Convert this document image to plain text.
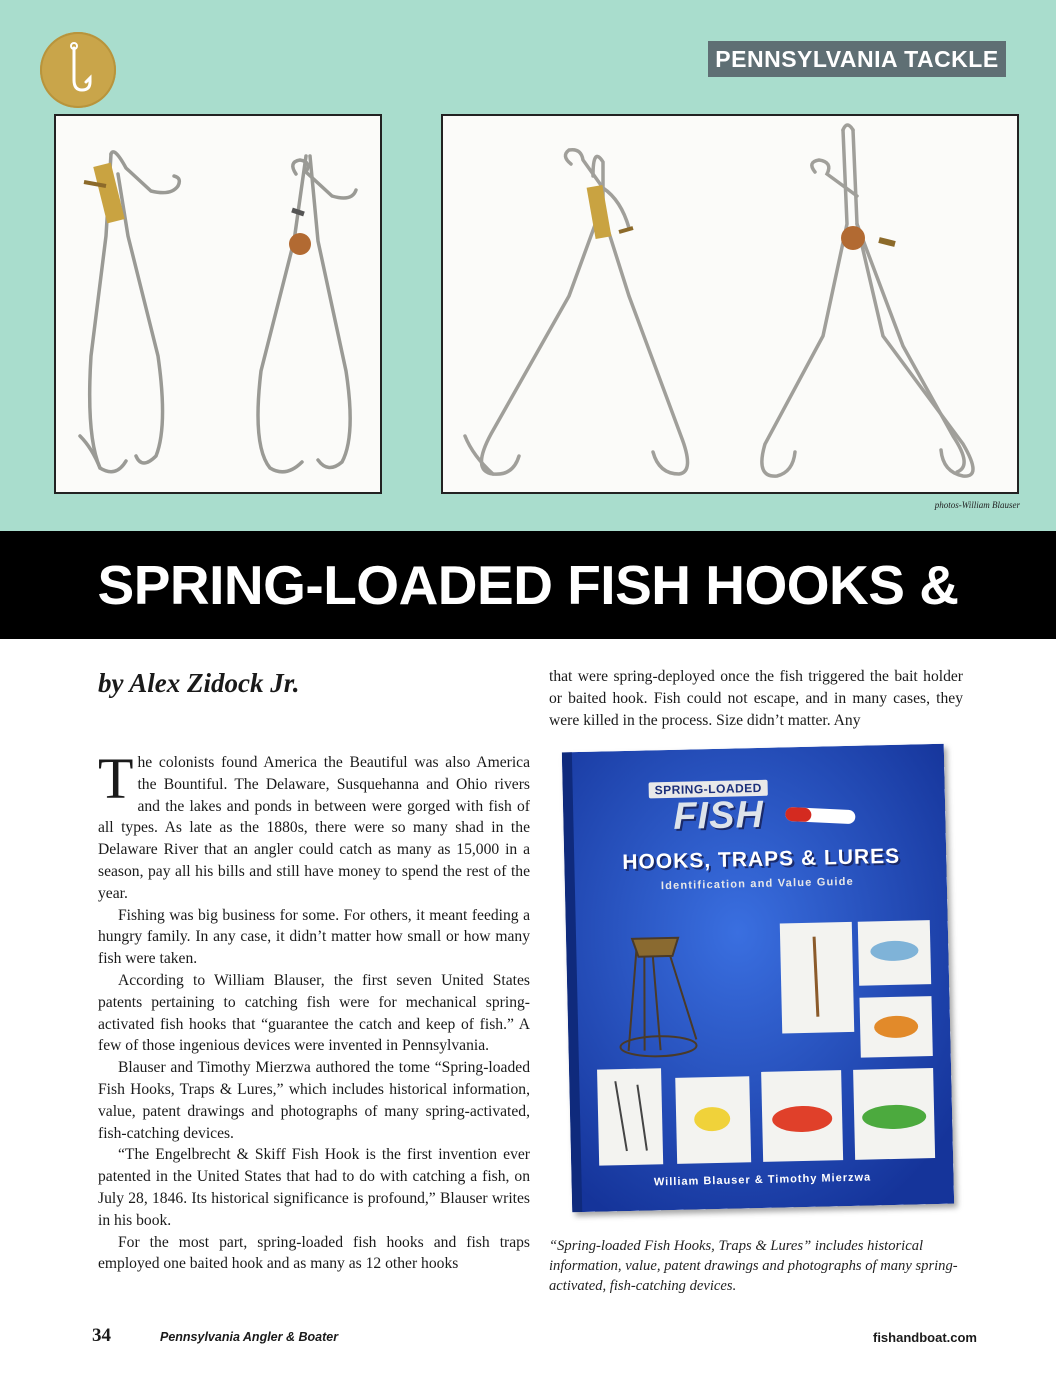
PENNSYLVANIA TACKLE
photos-William Blauser
SPRING-LOADED FISH HOOKS & LURES
by Alex Zidock Jr.

The colonists found America the Beautiful was also America the Bountiful. The Delaware, Susquehanna and Ohio rivers and the lakes and ponds in between were gorged with fish of all types. As late as the 1880s, there were so many shad in the Delaware River that an angler could catch as many as 15,000 in a season, pay all his bills and still have money to spend the rest of the year.

Fishing was big business for some. For others, it meant feeding a hungry family. In any case, it didn’t matter how small or how many fish were taken.

According to William Blauser, the first seven United States patents pertaining to catching fish were for mechanical spring-activated fish hooks that “guarantee the catch and keep of fish.” A few of those ingenious devices were invented in Pennsylvania.

Blauser and Timothy Mierzwa authored the tome “Spring-loaded Fish Hooks, Traps & Lures,” which includes historical information, value, patent drawings and photographs of many spring-activated, fish-catching devices.

“The Engelbrecht & Skiff Fish Hook is the first invention ever patented in the United States that had to do with catching a fish, on July 28, 1846. Its historical significance is profound,” Blauser writes in his book.

For the most part, spring-loaded fish hooks and fish traps employed one baited hook and as many as 12 other hooks

that were spring-deployed once the fish triggered the bait holder or baited hook. Fish could not escape, and in many cases, they were killed in the process. Size didn’t matter. Any

SPRING-LOADED
FISH
HOOKS, TRAPS & LURES
Identification and Value Guide
William Blauser & Timothy Mierzwa
“Spring-loaded Fish Hooks, Traps & Lures” includes historical information, value, patent drawings and photographs of many spring-activated, fish-catching devices.
34	Pennsylvania Angler & Boater	fishandboat.com
